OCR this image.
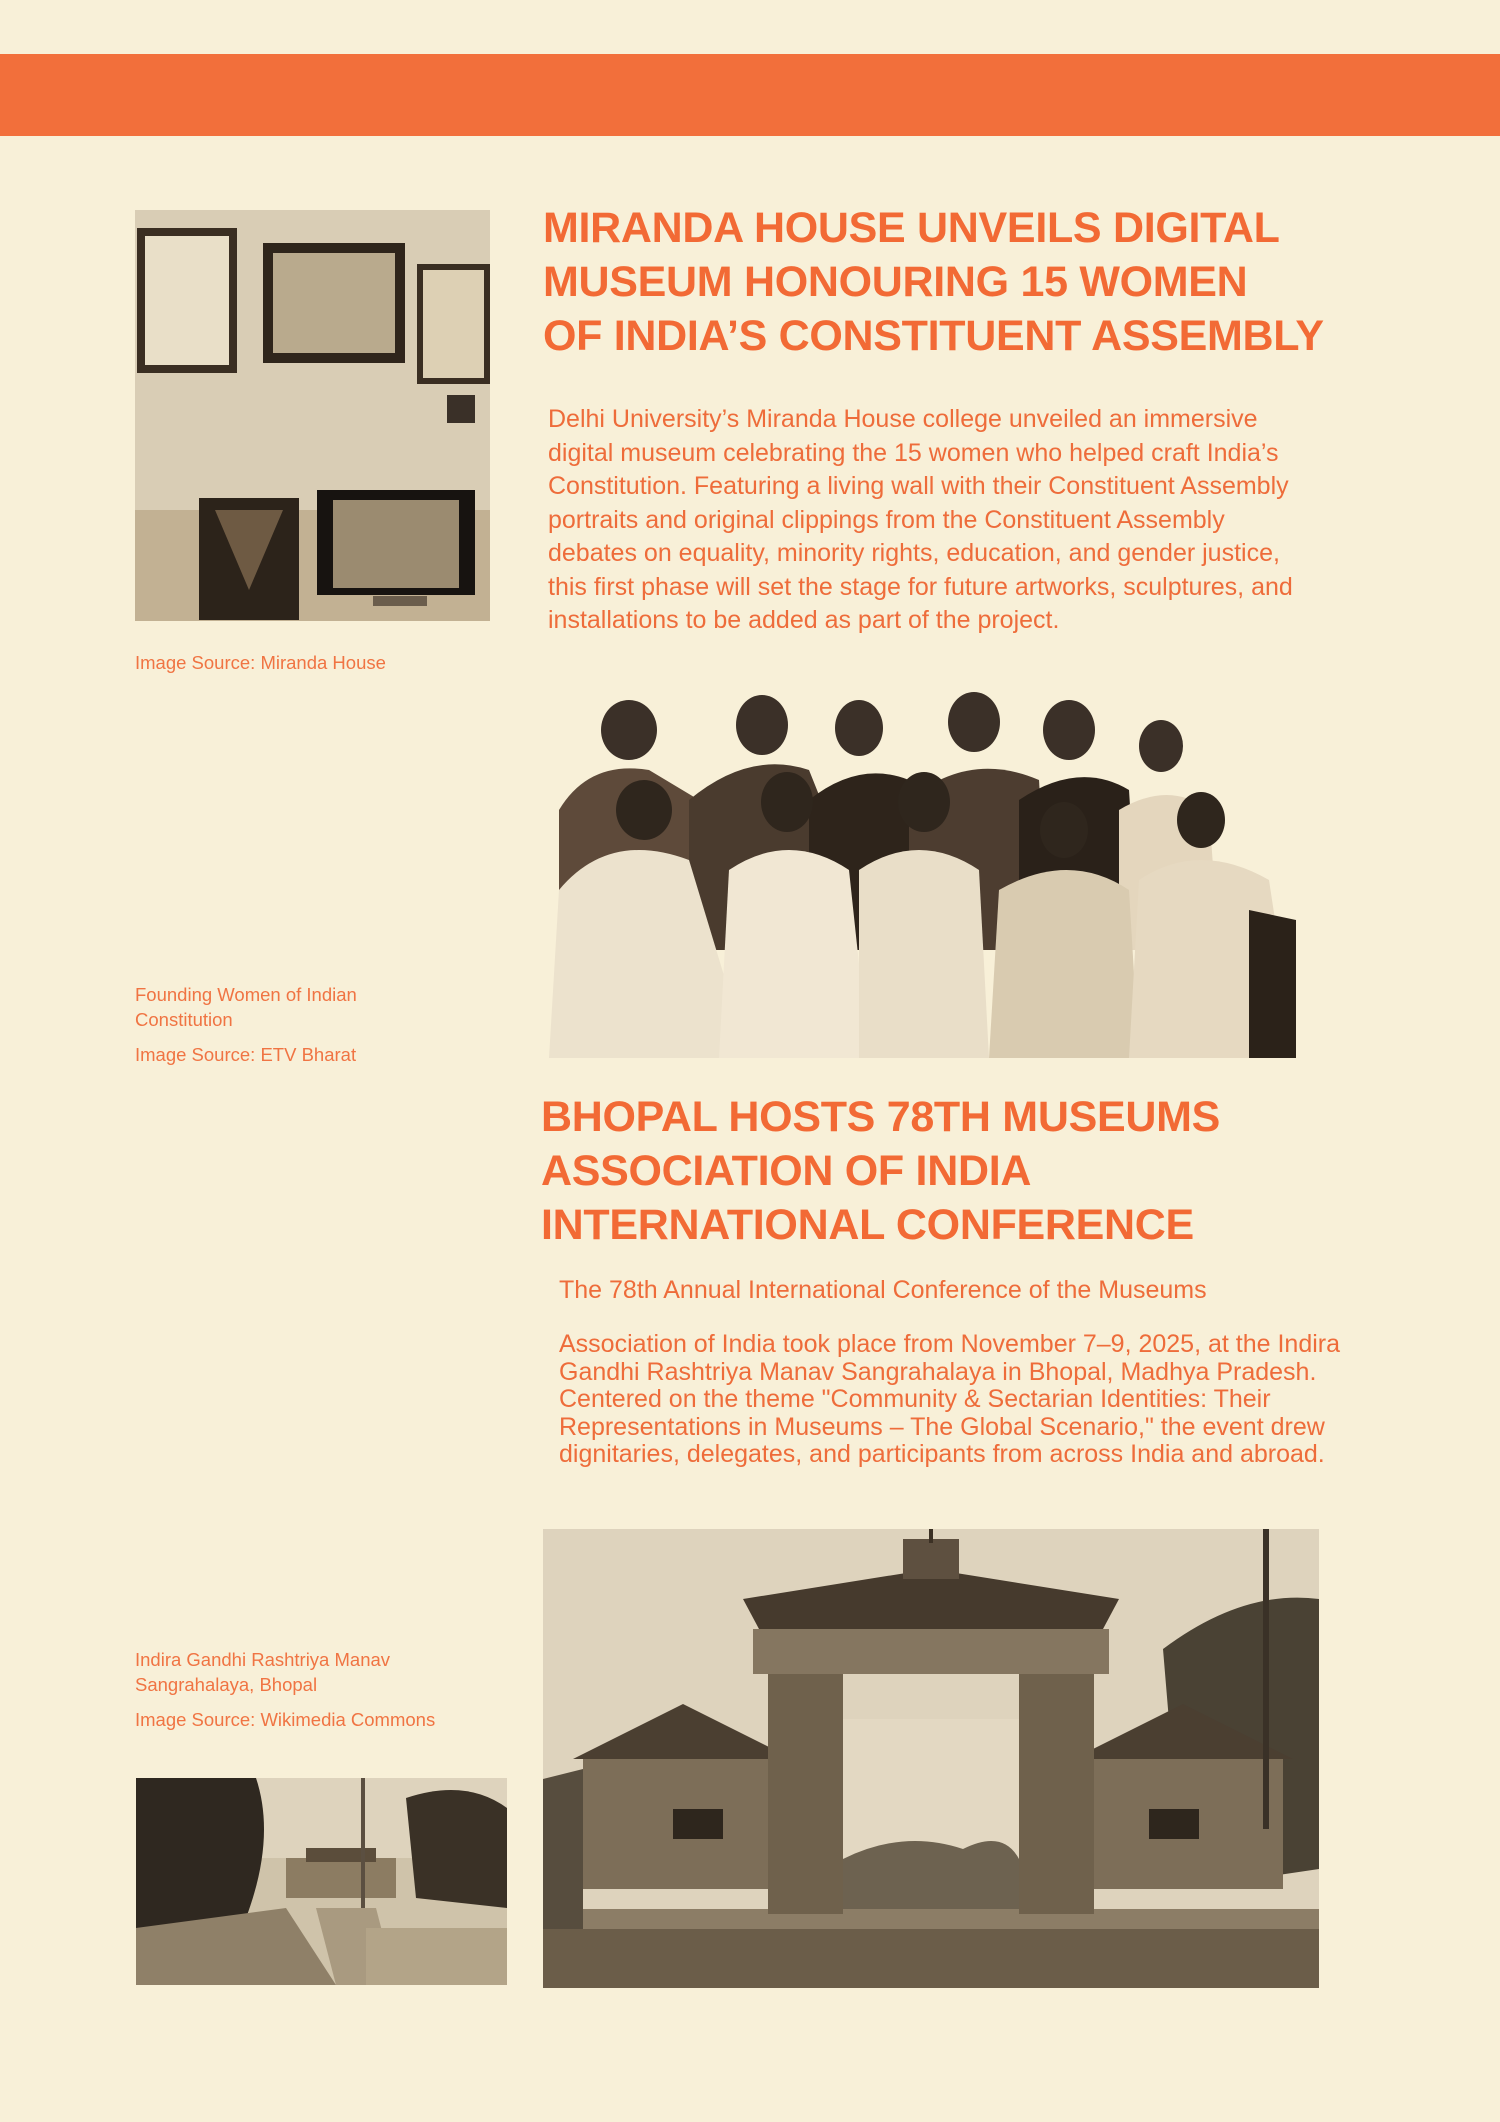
Image Source: Miranda House

MIRANDA HOUSE UNVEILS DIGITAL
MUSEUM HONOURING 15 WOMEN
OF INDIA’S CONSTITUENT ASSEMBLY

Delhi University’s Miranda House college unveiled an immersive digital museum celebrating the 15 women who helped craft India’s Constitution. Featuring a living wall with their Constituent Assembly portraits and original clippings from the Constituent Assembly debates on equality, minority rights, education, and gender justice, this first phase will set the stage for future artworks, sculptures, and installations to be added as part of the project.

Founding Women of Indian Constitution

Image Source: ETV Bharat

BHOPAL HOSTS 78TH MUSEUMS
ASSOCIATION OF INDIA
INTERNATIONAL CONFERENCE

The 78th Annual International Conference of the Museums

Association of India took place from November 7–9, 2025, at the Indira Gandhi Rashtriya Manav Sangrahalaya in Bhopal, Madhya Pradesh. Centered on the theme "Community & Sectarian Identities: Their Representations in Museums – The Global Scenario," the event drew dignitaries, delegates, and participants from across India and abroad.

Indira Gandhi Rashtriya Manav Sangrahalaya, Bhopal

Image Source: Wikimedia Commons
